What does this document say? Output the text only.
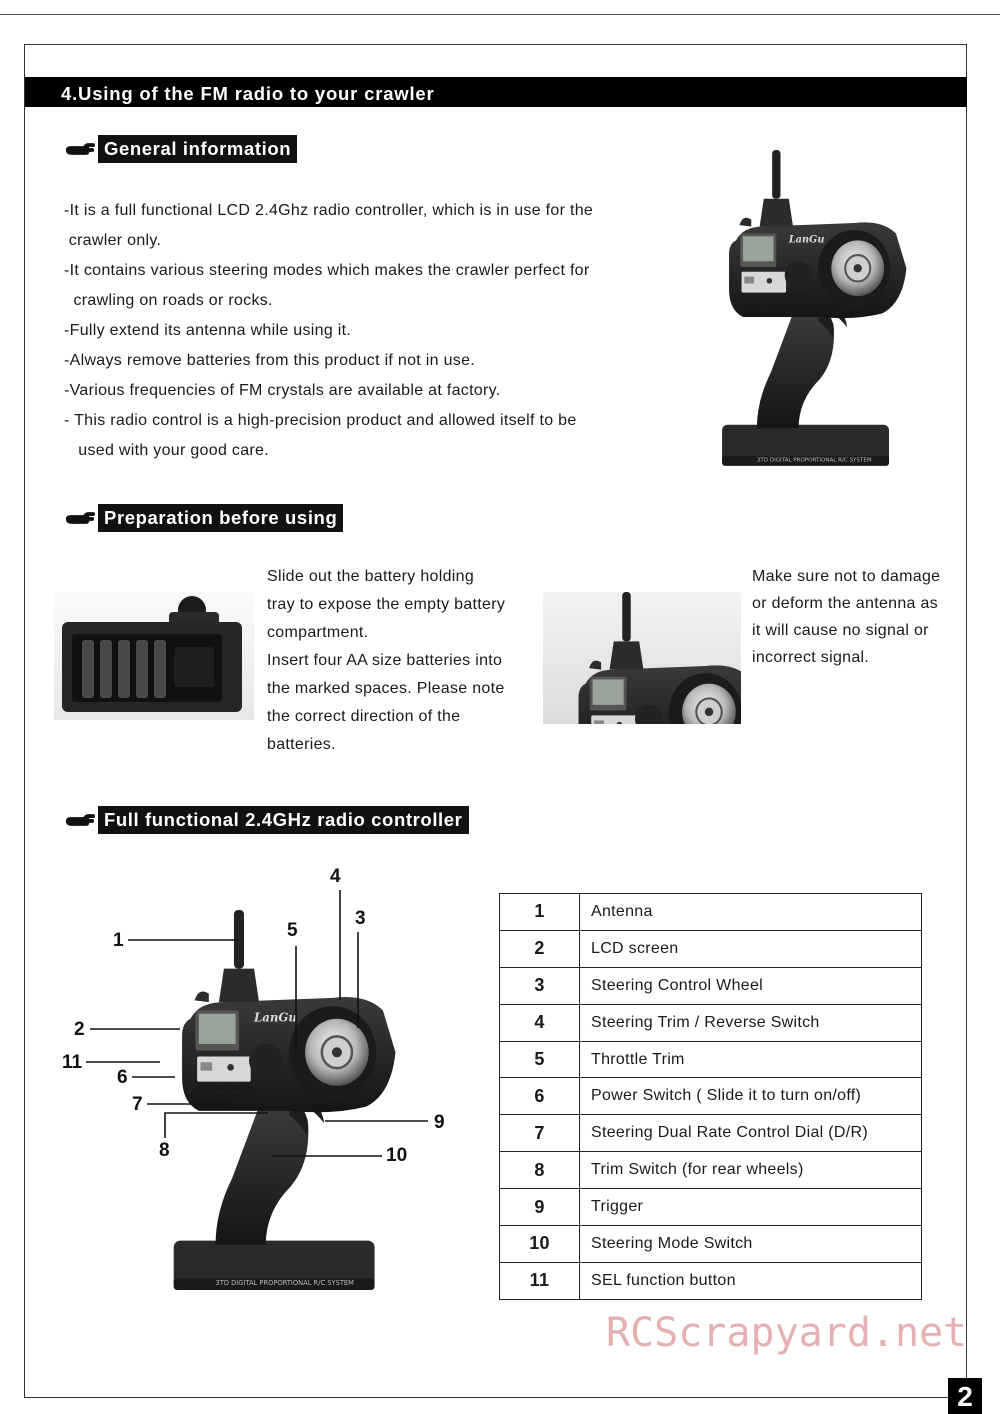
4.Using of the FM radio to your crawler
General information
-It is a full functional LCD 2.4Ghz radio controller, which is in use for the
crawler only.
-It contains various steering modes which makes the crawler perfect for
crawling on roads or rocks.
-Fully extend its antenna while using it.
-Always remove batteries from this product if not in use.
-Various frequencies of FM crystals are available at factory.
- This radio control is a high-precision product and allowed itself to be
used with your good care.
LanGu
3TD DIGITAL PROPORTIONAL R/C SYSTEM
Preparation before using
Slide out the battery holding
tray to expose the empty battery
compartment.
Insert four AA size batteries into
the marked spaces. Please note
the correct direction of the
batteries.
Make sure not to damage
or deform the antenna as
it will cause no signal or
incorrect signal.
Full functional 2.4GHz radio controller
LanGu
CONTROL SWITCH
3TD DIGITAL PROPORTIONAL R/C SYSTEM
1
2
3
4
5
6
7
8
9
10
11
1	Antenna
2	LCD screen
3	Steering Control Wheel
4	Steering Trim / Reverse Switch
5	Throttle Trim
6	Power Switch ( Slide it to turn on/off)
7	Steering Dual Rate Control Dial (D/R)
8	Trim Switch (for rear wheels)
9	Trigger
10	Steering Mode Switch
11	SEL function button
RCScrapyard.net
2
